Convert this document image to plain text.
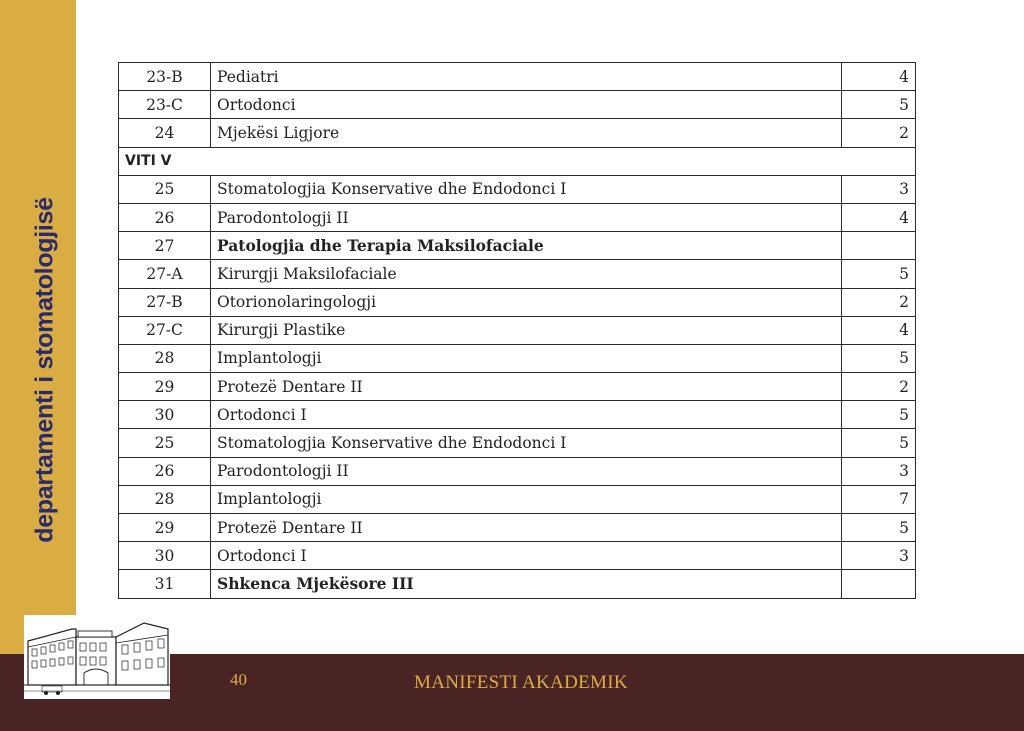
departamenti i stomatologjisë
23-B	Pediatri	4
23-C	Ortodonci	5
24	Mjekësi Ligjore	2
VITI V		
25	Stomatologjia Konservative dhe Endodonci I	3
26	Parodontologji II	4
27	Patologjia dhe Terapia Maksilofaciale	
27-A	Kirurgji Maksilofaciale	5
27-B	Otorionolaringologji	2
27-C	Kirurgji Plastike	4
28	Implantologji	5
29	Protezë Dentare II	2
30	Ortodonci I	5
25	Stomatologjia Konservative dhe Endodonci I	5
26	Parodontologji II	3
28	Implantologji	7
29	Protezë Dentare II	5
30	Ortodonci I	3
31	Shkenca Mjekësore III	
40	MANIFESTI AKADEMIK
